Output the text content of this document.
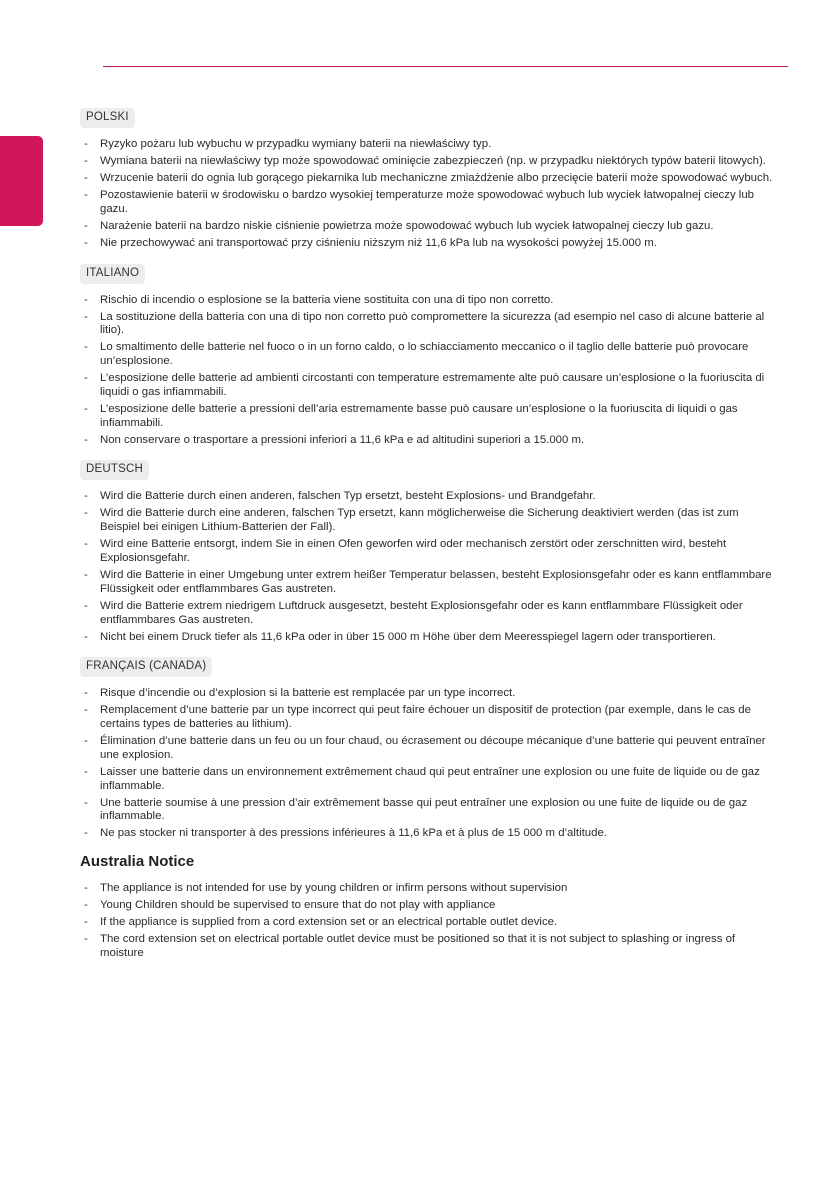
POLSKI
- Ryzyko pożaru lub wybuchu w przypadku wymiany baterii na niewłaściwy typ.
- Wymiana baterii na niewłaściwy typ może spowodować ominięcie zabezpieczeń (np. w przypadku niektórych typów baterii litowych).
- Wrzucenie baterii do ognia lub gorącego piekarnika lub mechaniczne zmiażdżenie albo przecięcie baterii może spowodować wybuch.
- Pozostawienie baterii w środowisku o bardzo wysokiej temperaturze może spowodować wybuch lub wyciek łatwopalnej cieczy lub gazu.
- Narażenie baterii na bardzo niskie ciśnienie powietrza może spowodować wybuch lub wyciek łatwopalnej cieczy lub gazu.
- Nie przechowywać ani transportować przy ciśnieniu niższym niż 11,6 kPa lub na wysokości powyżej 15.000 m.
ITALIANO
- Rischio di incendio o esplosione se la batteria viene sostituita con una di tipo non corretto.
- La sostituzione della batteria con una di tipo non corretto può compromettere la sicurezza (ad esempio nel caso di alcune batterie al litio).
- Lo smaltimento delle batterie nel fuoco o in un forno caldo, o lo schiacciamento meccanico o il taglio delle batterie può provocare un’esplosione.
- L’esposizione delle batterie ad ambienti circostanti con temperature estremamente alte può causare un’esplosione o la fuoriuscita di liquidi o gas infiammabili.
- L’esposizione delle batterie a pressioni dell’aria estremamente basse può causare un’esplosione o la fuoriuscita di liquidi o gas infiammabili.
- Non conservare o trasportare a pressioni inferiori a 11,6 kPa e ad altitudini superiori a 15.000 m.
DEUTSCH
- Wird die Batterie durch einen anderen, falschen Typ ersetzt, besteht Explosions- und Brandgefahr.
- Wird die Batterie durch eine anderen, falschen Typ ersetzt, kann möglicherweise die Sicherung deaktiviert werden (das ist zum Beispiel bei einigen Lithium-Batterien der Fall).
- Wird eine Batterie entsorgt, indem Sie in einen Ofen geworfen wird oder mechanisch zerstört oder zerschnitten wird, besteht Explosionsgefahr.
- Wird die Batterie in einer Umgebung unter extrem heißer Temperatur belassen, besteht Explosionsgefahr oder es kann entflammbare Flüssigkeit oder entflammbares Gas austreten.
- Wird die Batterie extrem niedrigem Luftdruck ausgesetzt, besteht Explosionsgefahr oder es kann entflammbare Flüssigkeit oder entflammbares Gas austreten.
- Nicht bei einem Druck tiefer als 11,6 kPa oder in über 15 000 m Höhe über dem Meeresspiegel lagern oder transportieren.
FRANÇAIS (CANADA)
- Risque d’incendie ou d’explosion si la batterie est remplacée par un type incorrect.
- Remplacement d’une batterie par un type incorrect qui peut faire échouer un dispositif de protection (par exemple, dans le cas de certains types de batteries au lithium).
- Élimination d’une batterie dans un feu ou un four chaud, ou écrasement ou découpe mécanique d’une batterie qui peuvent entraîner une explosion.
- Laisser une batterie dans un environnement extrêmement chaud qui peut entraîner une explosion ou une fuite de liquide ou de gaz inflammable.
- Une batterie soumise à une pression d’air extrêmement basse qui peut entraîner une explosion ou une fuite de liquide ou de gaz inflammable.
- Ne pas stocker ni transporter à des pressions inférieures à 11,6 kPa et à plus de 15 000 m d’altitude.
Australia Notice
- The appliance is not intended for use by young children or infirm persons without supervision
- Young Children should be supervised to ensure that do not play with appliance
- If the appliance is supplied from a cord extension set or an electrical portable outlet device.
- The cord extension set on electrical portable outlet device must be positioned so that it is not subject to splashing or ingress of moisture
